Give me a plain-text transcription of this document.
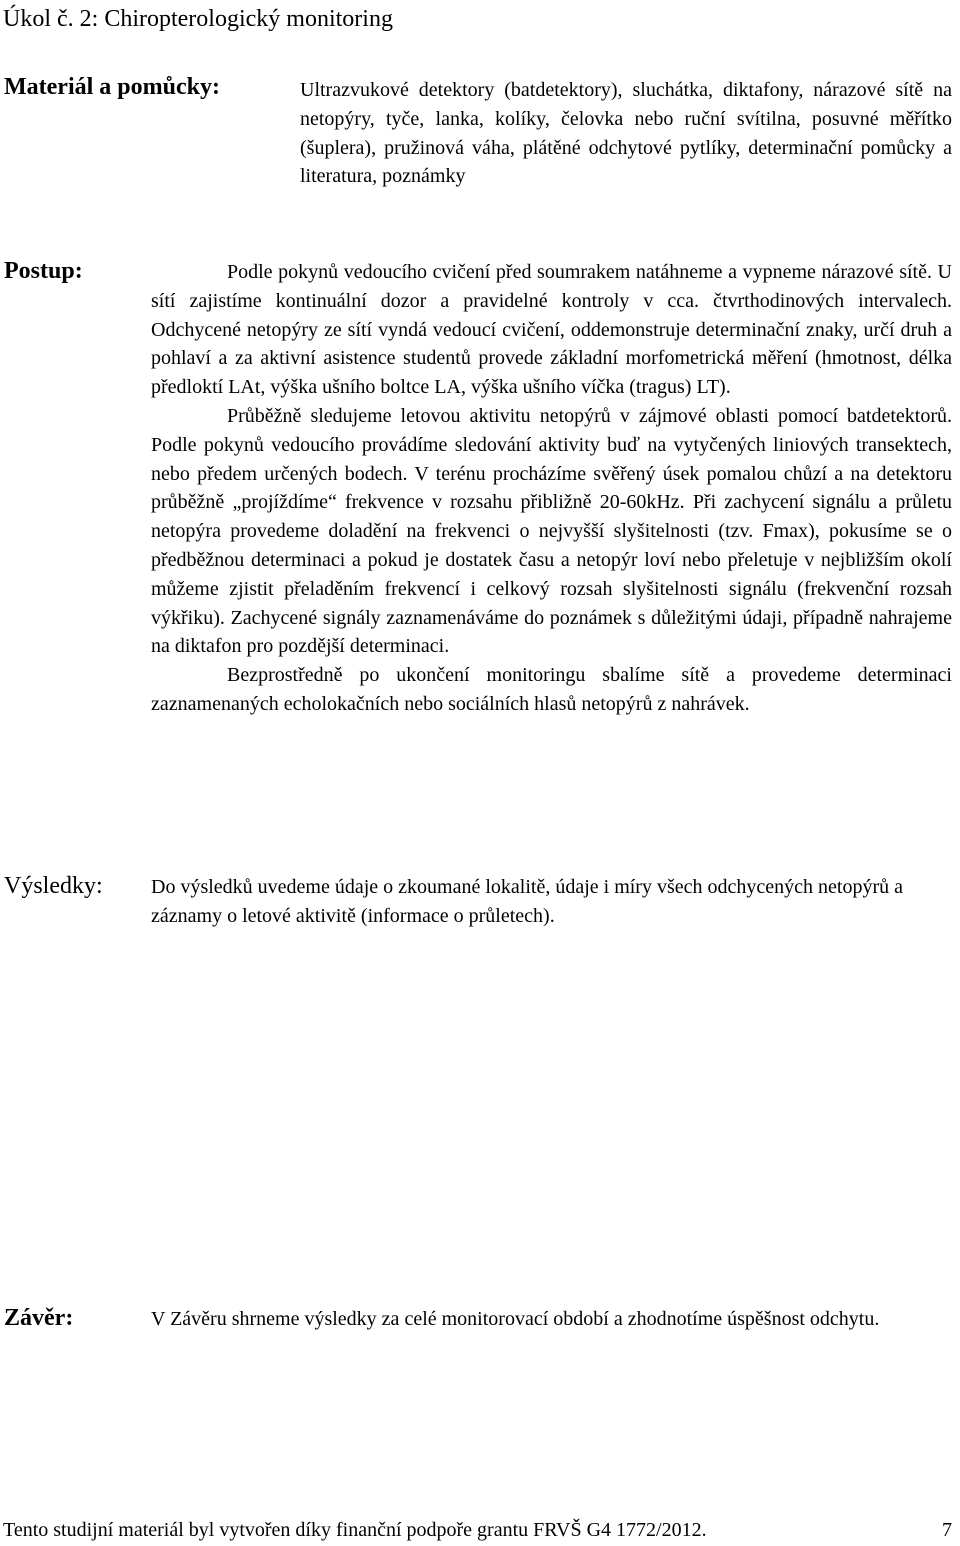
Úkol č. 2: Chiropterologický monitoring
Materiál a pomůcky:	Ultrazvukové detektory (batdetektory), sluchátka, diktafony, nárazové sítě na netopýry, tyče, lanka, kolíky, čelovka nebo ruční svítilna, posuvné měřítko (šuplera), pružinová váha, plátěné odchytové pytlíky, determinační pomůcky a literatura, poznámky

Postup:	Podle pokynů vedoucího cvičení před soumrakem natáhneme a vypneme nárazové sítě. U sítí zajistíme kontinuální dozor a pravidelné kontroly v cca. čtvrthodinových intervalech. Odchycené netopýry ze sítí vyndá vedoucí cvičení, oddemonstruje determinační znaky, určí druh a pohlaví a za aktivní asistence studentů provede základní morfometrická měření (hmotnost, délka předloktí LAt, výška ušního boltce LA, výška ušního víčka (tragus) LT).

Průběžně sledujeme letovou aktivitu netopýrů v zájmové oblasti pomocí batdetektorů. Podle pokynů vedoucího provádíme sledování aktivity buď na vytyčených liniových transektech, nebo předem určených bodech. V terénu procházíme svěřený úsek pomalou chůzí a na detektoru průběžně „projíždíme“ frekvence v rozsahu přibližně 20-60kHz. Při zachycení signálu a průletu netopýra provedeme doladění na frekvenci o nejvyšší slyšitelnosti (tzv. Fmax), pokusíme se o předběžnou determinaci a pokud je dostatek času a netopýr loví nebo přeletuje v nejbližším okolí můžeme zjistit přeladěním frekvencí i celkový rozsah slyšitelnosti signálu (frekvenční rozsah výkřiku). Zachycené signály zaznamenáváme do poznámek s důležitými údaji, případně nahrajeme na diktafon pro pozdější determinaci.

Bezprostředně po ukončení monitoringu sbalíme sítě a provedeme determinaci zaznamenaných echolokačních nebo sociálních hlasů netopýrů z nahrávek.

Výsledky: Do výsledků uvedeme údaje o zkoumané lokalitě, údaje i míry všech odchycených netopýrů a záznamy o letové aktivitě (informace o průletech).

Závěr:	V Závěru shrneme výsledky za celé monitorovací období a zhodnotíme úspěšnost odchytu.

Tento studijní materiál byl vytvořen díky finanční podpoře grantu FRVŠ G4 1772/2012.	7
